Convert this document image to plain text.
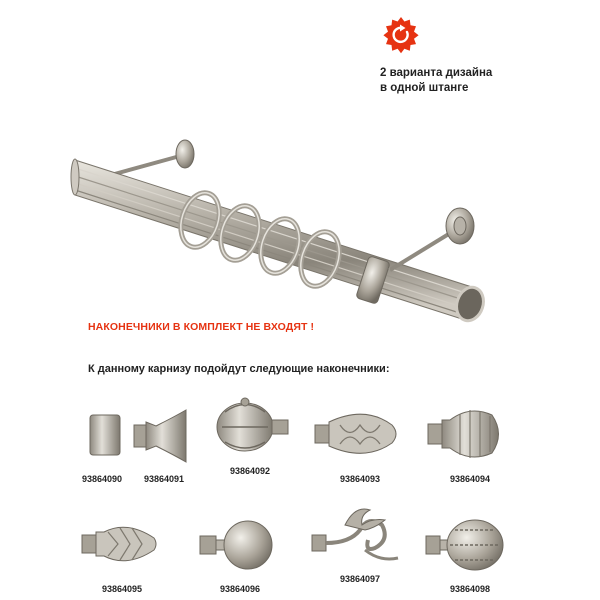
2 варианта дизайна
в одной штанге
НАКОНЕЧНИКИ В КОМПЛЕКТ НЕ ВХОДЯТ !
К данному карнизу подойдут следующие наконечники:
93864090	93864091
93864092
93864093	93864094
93864095	93864096
93864097
93864098
